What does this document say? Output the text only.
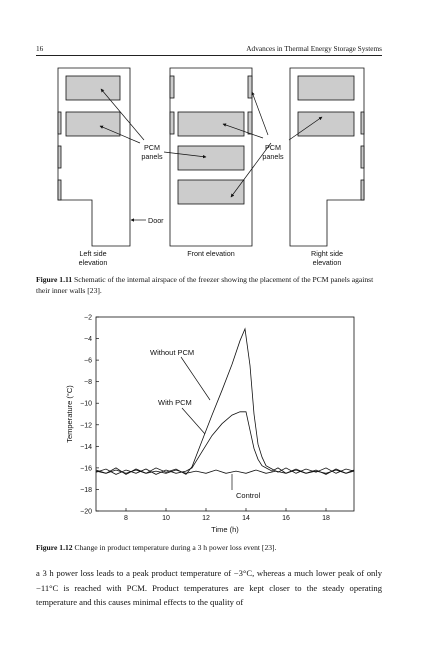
16	Advances in Thermal Energy Storage Systems
PCM
panels
PCM
panels
Door
Left side
elevation
Front elevation	Right side
elevation
Figure 1.11 Schematic of the internal airspace of the freezer showing the placement of the PCM panels against their inner walls [23].
8	10	12	14	16	18
−20
−18
−16
−14
−12
−10
−8
−6
−4
−2
Time (h)
Temperature (°C)
Without PCM
With PCM
Control
Figure 1.12 Change in product temperature during a 3 h power loss event [23].

a 3 h power loss leads to a peak product temperature of −3°C, whereas a much lower peak of only −11°C is reached with PCM. Product temperatures are kept closer to the steady operating temperature and this causes minimal effects to the quality of
